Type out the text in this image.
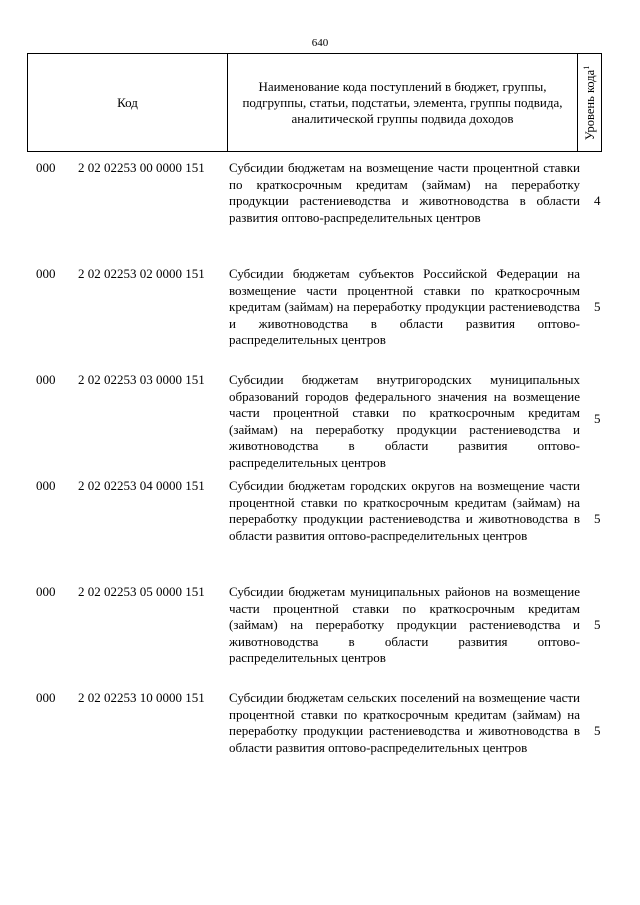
640
Код
Наименование кода поступлений в бюджет, группы, подгруппы, статьи, подстатьи, элемента, группы подвида, аналитической группы подвида доходов	Уровень кода$^1$
000 2 02 02253 00 0000 151 Субсидии бюджетам на возмещение части процентной ставки по краткосрочным кредитам (займам) на переработку продукции растениеводства и животноводства в области развития оптово-распределительных центров
4
000 2 02 02253 02 0000 151 Субсидии бюджетам субъектов Российской Федерации на возмещение части процентной ставки по краткосрочным кредитам (займам) на переработку продукции растениеводства и животноводства в области развития оптово-распределительных центров
5
000 2 02 02253 03 0000 151 Субсидии бюджетам внутригородских муниципальных образований городов федерального значения на возмещение части процентной ставки по краткосрочным кредитам (займам) на переработку продукции растениеводства и животноводства в области развития оптово-распределительных центров
5
000 2 02 02253 04 0000 151 Субсидии бюджетам городских округов на возмещение части процентной ставки по краткосрочным кредитам (займам) на переработку продукции растениеводства и животноводства в области развития оптово-распределительных центров
5
000 2 02 02253 05 0000 151 Субсидии бюджетам муниципальных районов на возмещение части процентной ставки по краткосрочным кредитам (займам) на переработку продукции растениеводства и животноводства в области развития оптово-распределительных центров
5
000 2 02 02253 10 0000 151 Субсидии бюджетам сельских поселений на возмещение части процентной ставки по краткосрочным кредитам (займам) на переработку продукции растениеводства и животноводства в области развития оптово-распределительных центров
5
